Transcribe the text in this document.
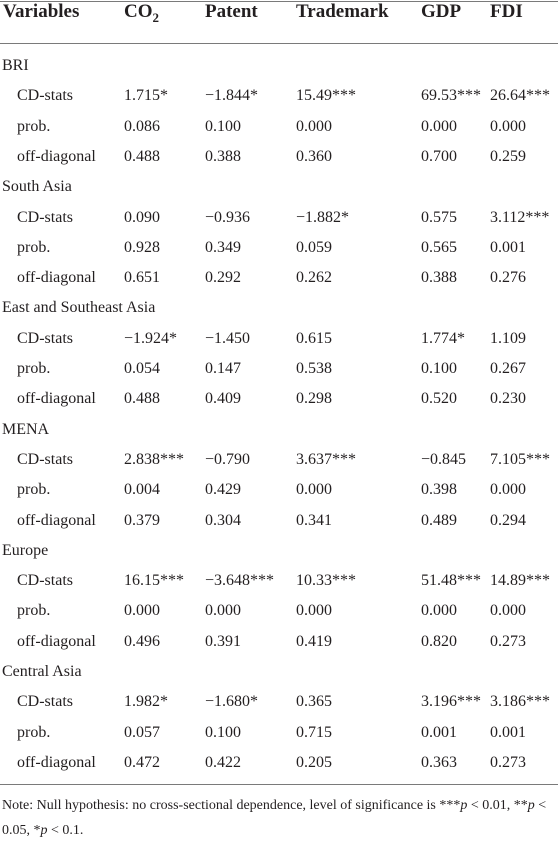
Variables $CO_2$ Patent Trademark GDP FDI
BRI
CD-stats	1.715* −1.844* 15.49***	69.53*** 26.64***
prob.	0.086	0.100	0.000	0.000 0.000
off-diagonal 0.488	0.388	0.360	0.700 0.259
South Asia
CD-stats	0.090	−0.936	−1.882*	0.575 3.112***
prob.	0.928	0.349	0.059	0.565 0.001
off-diagonal 0.651	0.292	0.262	0.388 0.276
East and Southeast Asia
CD-stats	−1.924* −1.450	0.615	1.774* 1.109
prob.	0.054	0.147	0.538	0.100 0.267
off-diagonal 0.488	0.409	0.298	0.520 0.230
MENA
CD-stats	2.838*** −0.790	3.637***	−0.845 7.105***
prob.	0.004	0.429	0.000	0.398 0.000
off-diagonal 0.379	0.304	0.341	0.489 0.294
Europe
CD-stats	16.15*** −3.648*** 10.33***	51.48*** 14.89***
prob.	0.000	0.000	0.000	0.000 0.000
off-diagonal 0.496	0.391	0.419	0.820 0.273
Central Asia
CD-stats	1.982* −1.680* 0.365	3.196*** 3.186***
prob.	0.057	0.100	0.715	0.001 0.001
off-diagonal 0.472	0.422	0.205	0.363 0.273
Note: Null hypothesis: no cross-sectional dependence, level of significance is ***p < 0.01, **p < 0.05, *p < 0.1.
